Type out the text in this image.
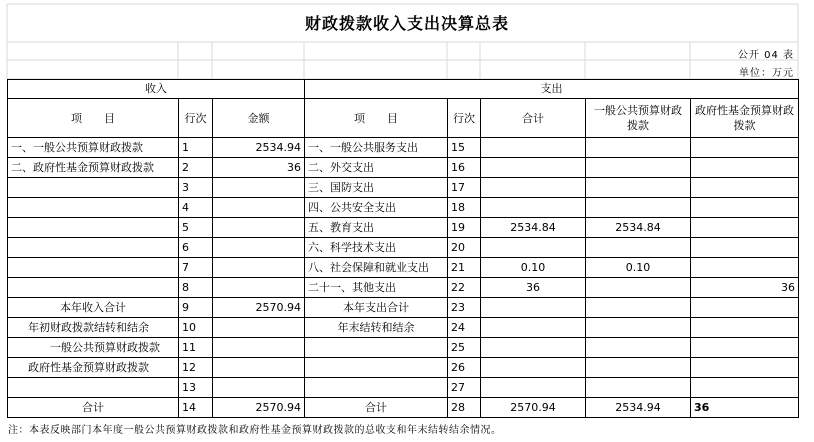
财政拨款收入支出决算总表
公开 04 表
单位：万元
收入			支出				
项　　目	行次	金额	项　　目	行次	合计	一般公共预算财政拨款	政府性基金预算财政拨款
一、一般公共预算财政拨款	1	2534.94	一、一般公共服务支出	15			
二、政府性基金预算财政拨款	2	36	二、外交支出	16			
	3		三、国防支出	17			
	4		四、公共安全支出	18			
	5		五、教育支出	19	2534.84	2534.84	
	6		六、科学技术支出	20			
	7		八、社会保障和就业支出	21	0.10	0.10	
	8		二十一、其他支出	22	36		36
本年收入合计	9	2570.94	本年支出合计	23			
年初财政拨款结转和结余	10		年末结转和结余	24			
一般公共预算财政拨款	11			25			
政府性基金预算财政拨款	12			26			
	13			27			
合计	14	2570.94	合计	28	2570.94	2534.94	36
注：本表反映部门本年度一般公共预算财政拨款和政府性基金预算财政拨款的总收支和年末结转结余情况。
